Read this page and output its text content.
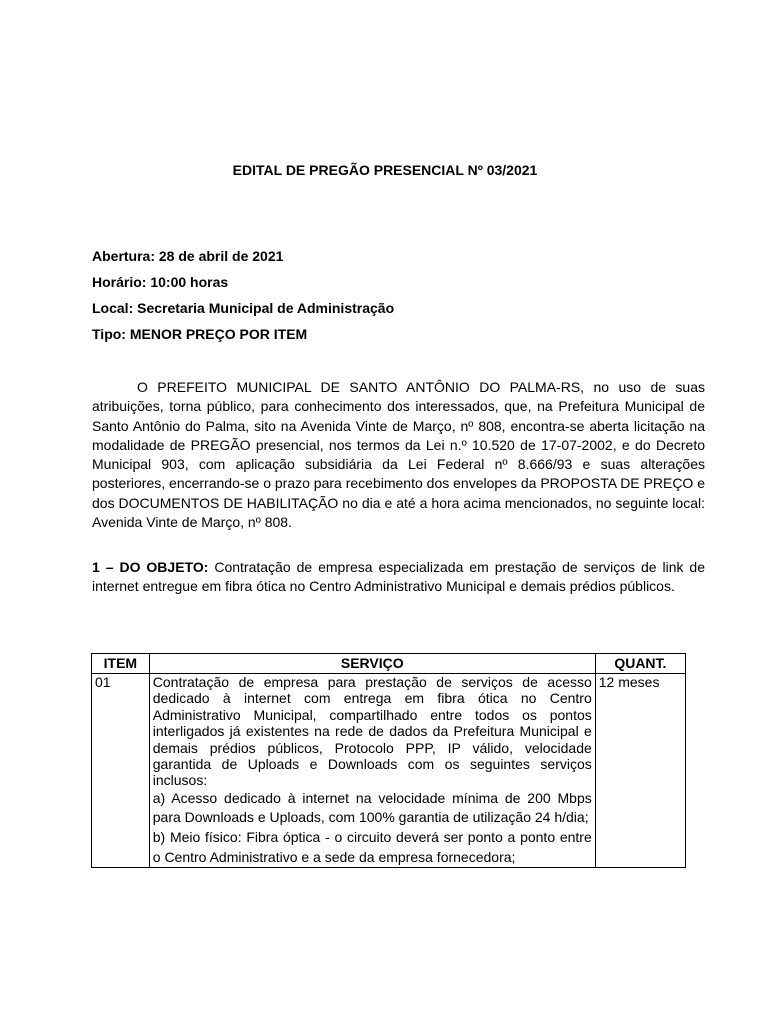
EDITAL DE PREGÃO PRESENCIAL Nº 03/2021
Abertura: 28 de abril de 2021
Horário: 10:00 horas
Local: Secretaria Municipal de Administração
Tipo: MENOR PREÇO POR ITEM

O PREFEITO MUNICIPAL DE SANTO ANTÔNIO DO PALMA-RS, no uso de suas atribuições, torna público, para conhecimento dos interessados, que, na Prefeitura Municipal de Santo Antônio do Palma, sito na Avenida Vinte de Março, nº 808, encontra-se aberta licitação na modalidade de PREGÃO presencial, nos termos da Lei n.º 10.520 de 17-07-2002, e do Decreto Municipal 903, com aplicação subsidiária da Lei Federal nº 8.666/93 e suas alterações posteriores, encerrando-se o prazo para recebimento dos envelopes da PROPOSTA DE PREÇO e dos DOCUMENTOS DE HABILITAÇÃO no dia e até a hora acima mencionados, no seguinte local: Avenida Vinte de Março, nº 808.

1 – DO OBJETO: Contratação de empresa especializada em prestação de serviços de link de internet entregue em fibra ótica no Centro Administrativo Municipal e demais prédios públicos.

ITEM	SERVIÇO	QUANT.
01	Contratação de empresa para prestação de serviços de acesso dedicado à internet com entrega em fibra ótica no Centro Administrativo Municipal, compartilhado entre todos os pontos interligados já existentes na rede de dados da Prefeitura Municipal e demais prédios públicos, Protocolo PPP, IP válido, velocidade garantida de Uploads e Downloads com os seguintes serviços inclusos:

a) Acesso dedicado à internet na velocidade mínima de 200 Mbps para Downloads e Uploads, com 100% garantia de utilização 24 h/dia;

b) Meio físico: Fibra óptica - o circuito deverá ser ponto a ponto entre o Centro Administrativo e a sede da empresa fornecedora;	12 meses
